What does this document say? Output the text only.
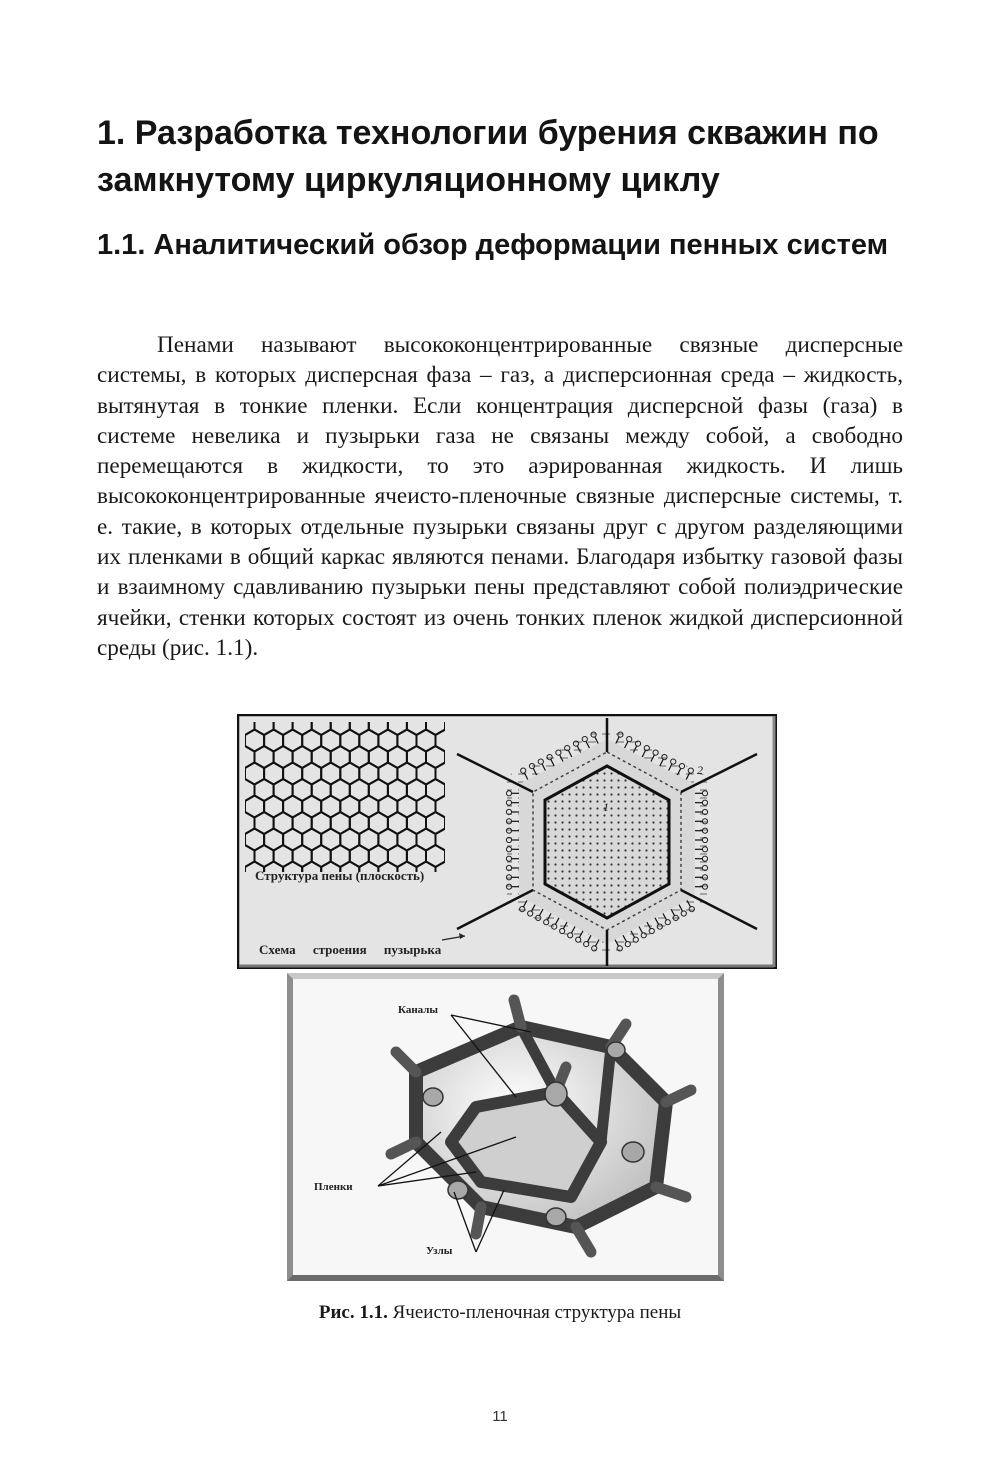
1. Разработка технологии бурения скважин по замкнутому циркуляционному циклу
1.1. Аналитический обзор деформации пенных систем

Пенами называют высококонцентрированные связные дисперсные системы, в которых дисперсная фаза – газ, а дисперсионная среда – жидкость, вытянутая в тонкие пленки. Если концентрация дисперсной фазы (газа) в системе невелика и пузырьки газа не связаны между собой, а свободно перемещаются в жидкости, то это аэрированная жидкость. И лишь высококонцентрированные ячеисто-пленочные связные дисперсные системы, т. е. такие, в которых отдельные пузырьки связаны друг с другом разделяющими их пленками в общий каркас являются пенами. Благодаря избытку газовой фазы и взаимному сдавливанию пузырьки пены представляют собой полиэдрические ячейки, стенки которых состоят из очень тонких пленок жидкой дисперсионной среды (рис. 1.1).

Структура пены (плоскость)
Схема строения пузырька
1
2
Каналы
Пленки
Узлы
Рис. 1.1. Ячеисто-пленочная структура пены
11
